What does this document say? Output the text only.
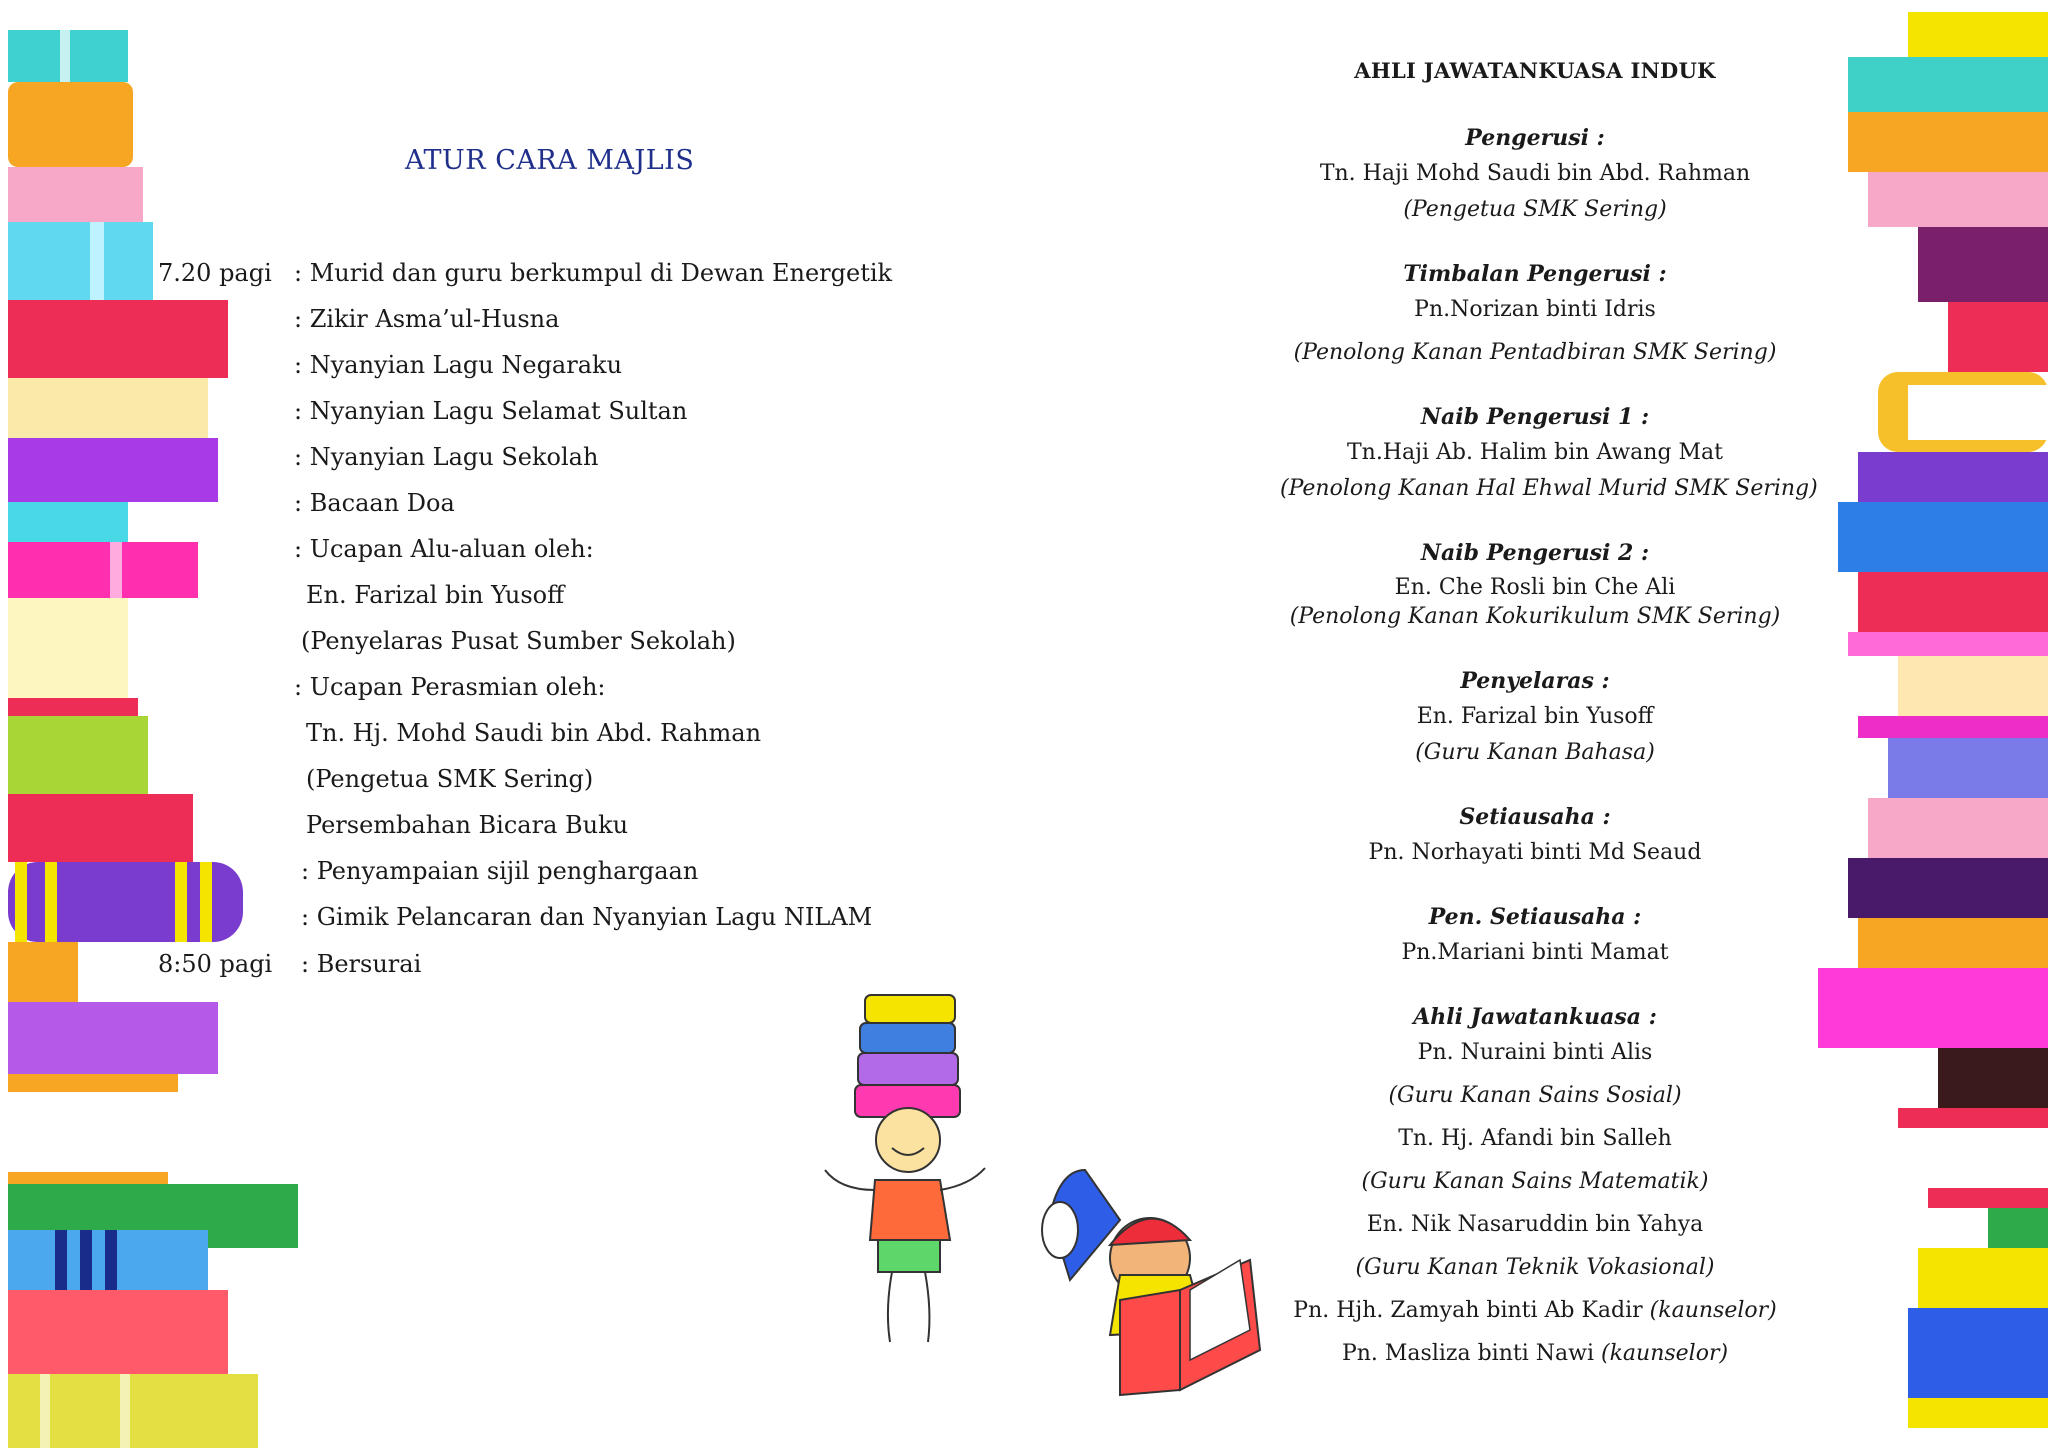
ATUR CARA MAJLIS
7.20 pagi
8:50 pagi
: Murid dan guru berkumpul di Dewan Energetik
: Zikir Asma’ul-Husna
: Nyanyian Lagu Negaraku
: Nyanyian Lagu Selamat Sultan
: Nyanyian Lagu Sekolah
: Bacaan Doa
: Ucapan Alu-aluan oleh:
En. Farizal bin Yusoff
(Penyelaras Pusat Sumber Sekolah)
: Ucapan Perasmian oleh:
Tn. Hj. Mohd Saudi bin Abd. Rahman
(Pengetua SMK Sering)
Persembahan Bicara Buku
: Penyampaian sijil penghargaan
: Gimik Pelancaran dan Nyanyian Lagu NILAM
: Bersurai
AHLI JAWATANKUASA INDUK
Pengerusi :
Tn. Haji Mohd Saudi bin Abd. Rahman
(Pengetua SMK Sering)
Timbalan Pengerusi :
Pn.Norizan binti Idris
(Penolong Kanan Pentadbiran SMK Sering)
Naib Pengerusi 1 :
Tn.Haji Ab. Halim bin Awang Mat
(Penolong Kanan Hal Ehwal Murid SMK Sering)
Naib Pengerusi 2 :
En. Che Rosli bin Che Ali
(Penolong Kanan Kokurikulum SMK Sering)
Penyelaras :
En. Farizal bin Yusoff
(Guru Kanan Bahasa)
Setiausaha :
Pn. Norhayati binti Md Seaud
Pen. Setiausaha :
Pn.Mariani binti Mamat
Ahli Jawatankuasa :
Pn. Nuraini binti Alis
(Guru Kanan Sains Sosial)
Tn. Hj. Afandi bin Salleh
(Guru Kanan Sains Matematik)
En. Nik Nasaruddin bin Yahya
(Guru Kanan Teknik Vokasional)
Pn. Hjh. Zamyah binti Ab Kadir (kaunselor)
Pn. Masliza binti Nawi (kaunselor)
